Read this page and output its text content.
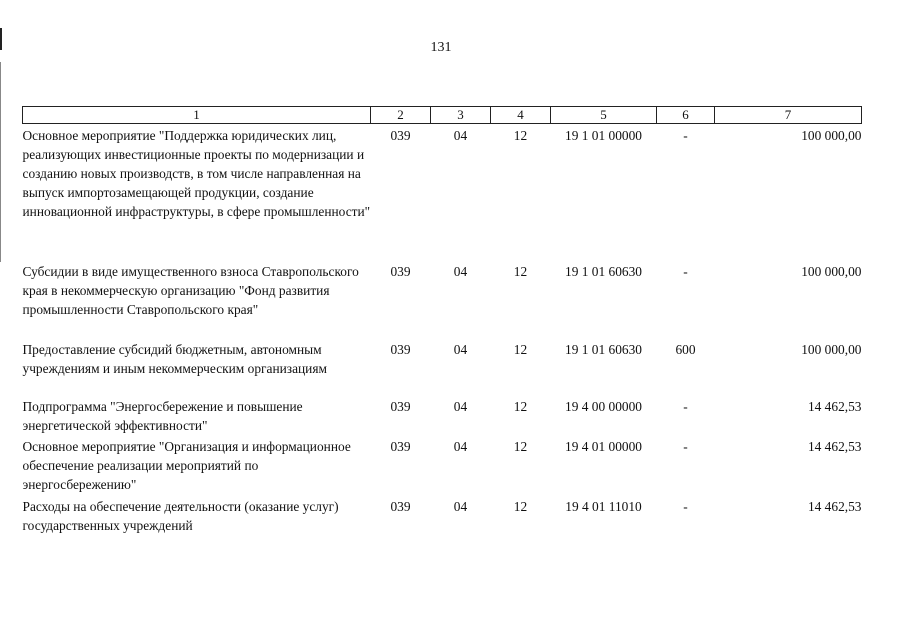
131
1	2	3	4	5	6	7
Основное мероприятие "Поддержка юридических лиц, реализующих инвестиционные проекты по модернизации и созданию новых производств, в том числе направленная на выпуск импортозамещающей продукции, создание инновационной инфраструктуры, в сфере промышленности"	039	04	12	19 1 01 00000	-	100 000,00
Субсидии в виде имущественного взноса Ставропольского края в некоммерческую организацию "Фонд развития промышленности Ставропольского края"	039	04	12	19 1 01 60630	-	100 000,00
Предоставление субсидий бюджетным, автономным учреждениям и иным некоммерческим организациям	039	04	12	19 1 01 60630	600	100 000,00
Подпрограмма "Энергосбережение и повышение энергетической эффективности"	039	04	12	19 4 00 00000	-	14 462,53
Основное мероприятие "Организация и информационное обеспечение реализации мероприятий по энергосбережению"	039	04	12	19 4 01 00000	-	14 462,53
Расходы на обеспечение деятельности (оказание услуг) государственных учреждений	039	04	12	19 4 01 11010	-	14 462,53
